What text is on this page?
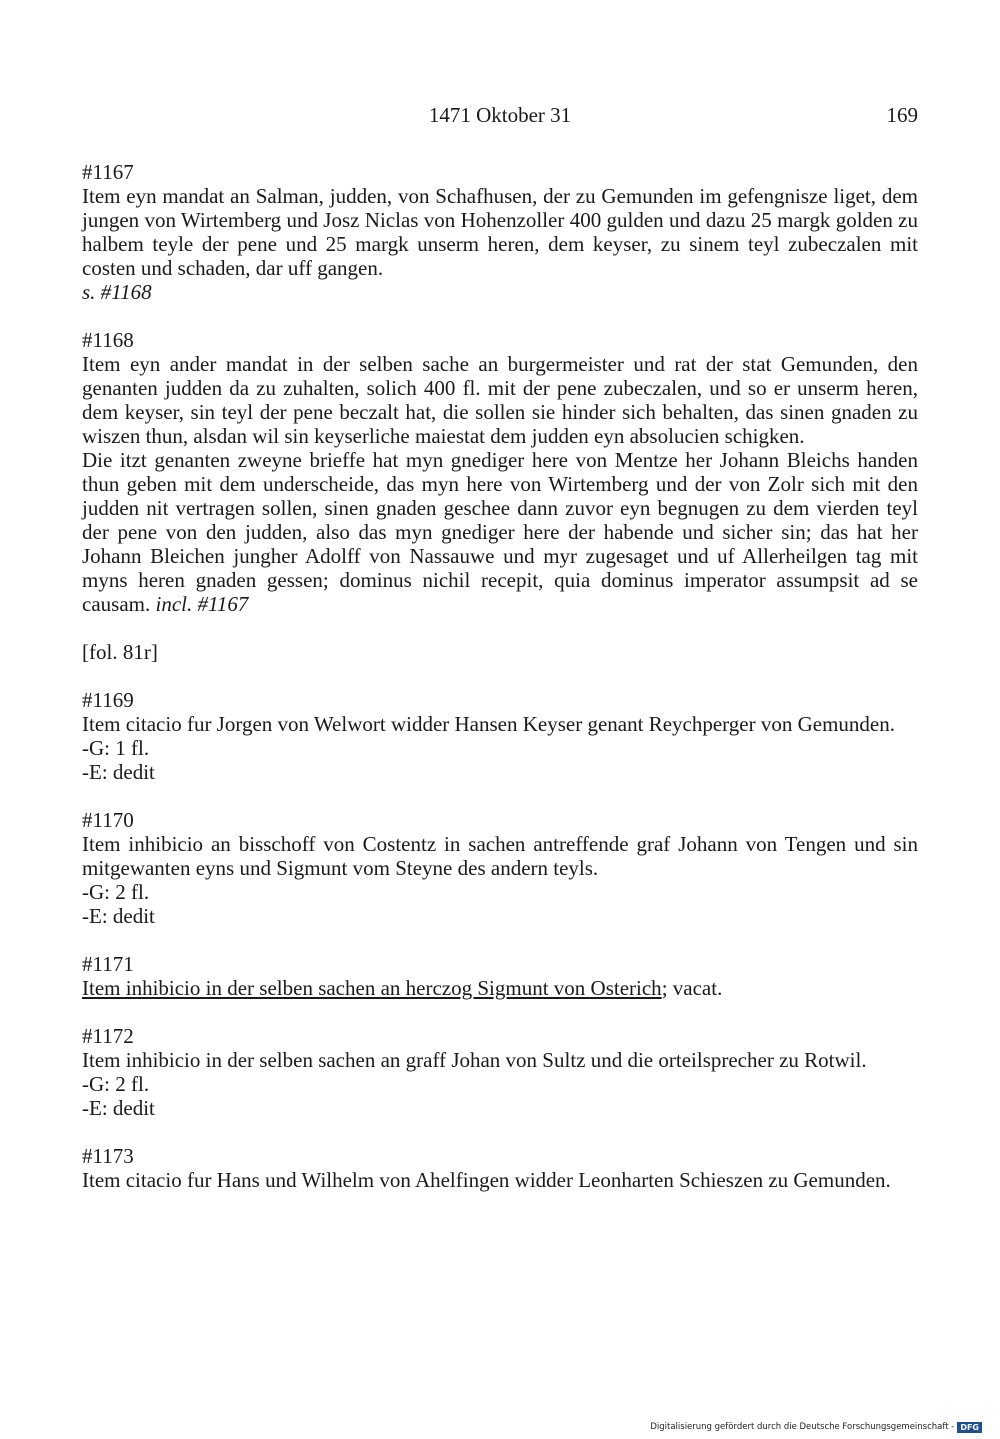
1471 Oktober 31	169
#1167

Item eyn mandat an Salman, judden, von Schafhusen, der zu Gemunden im gefengnisze liget, dem jungen von Wirtemberg und Josz Niclas von Hohenzoller 400 gulden und dazu 25 margk golden zu halbem teyle der pene und 25 margk unserm heren, dem keyser, zu sinem teyl zubeczalen mit costen und schaden, dar uff gangen.

s. #1168

#1168

Item eyn ander mandat in der selben sache an burgermeister und rat der stat Gemunden, den genanten judden da zu zuhalten, solich 400 fl. mit der pene zubeczalen, und so er unserm heren, dem keyser, sin teyl der pene beczalt hat, die sollen sie hinder sich behalten, das sinen gnaden zu wiszen thun, alsdan wil sin keyserliche maiestat dem judden eyn absolucien schigken.

Die itzt genanten zweyne brieffe hat myn gnediger here von Mentze her Johann Bleichs handen thun geben mit dem underscheide, das myn here von Wirtemberg und der von Zolr sich mit den judden nit vertragen sollen, sinen gnaden geschee dann zuvor eyn begnugen zu dem vierden teyl der pene von den judden, also das myn gnediger here der habende und sicher sin; das hat her Johann Bleichen jungher Adolff von Nassauwe und myr zugesaget und uf Allerheilgen tag mit myns heren gnaden gessen; dominus nichil recepit, quia dominus imperator assumpsit ad se causam. incl. #1167

[fol. 81r]
#1169

Item citacio fur Jorgen von Welwort widder Hansen Keyser genant Reychperger von Gemunden.

-G: 1 fl.

-E: dedit

#1170

Item inhibicio an bisschoff von Costentz in sachen antreffende graf Johann von Tengen und sin mitgewanten eyns und Sigmunt vom Steyne des andern teyls.

-G: 2 fl.

-E: dedit

#1171

Item inhibicio in der selben sachen an herczog Sigmunt von Osterich; vacat.

#1172

Item inhibicio in der selben sachen an graff Johan von Sultz und die orteilsprecher zu Rotwil.

-G: 2 fl.

-E: dedit

#1173

Item citacio fur Hans und Wilhelm von Ahelfingen widder Leonharten Schieszen zu Gemunden.

Digitalisierung gefördert durch die Deutsche Forschungsgemeinschaft - DFG
